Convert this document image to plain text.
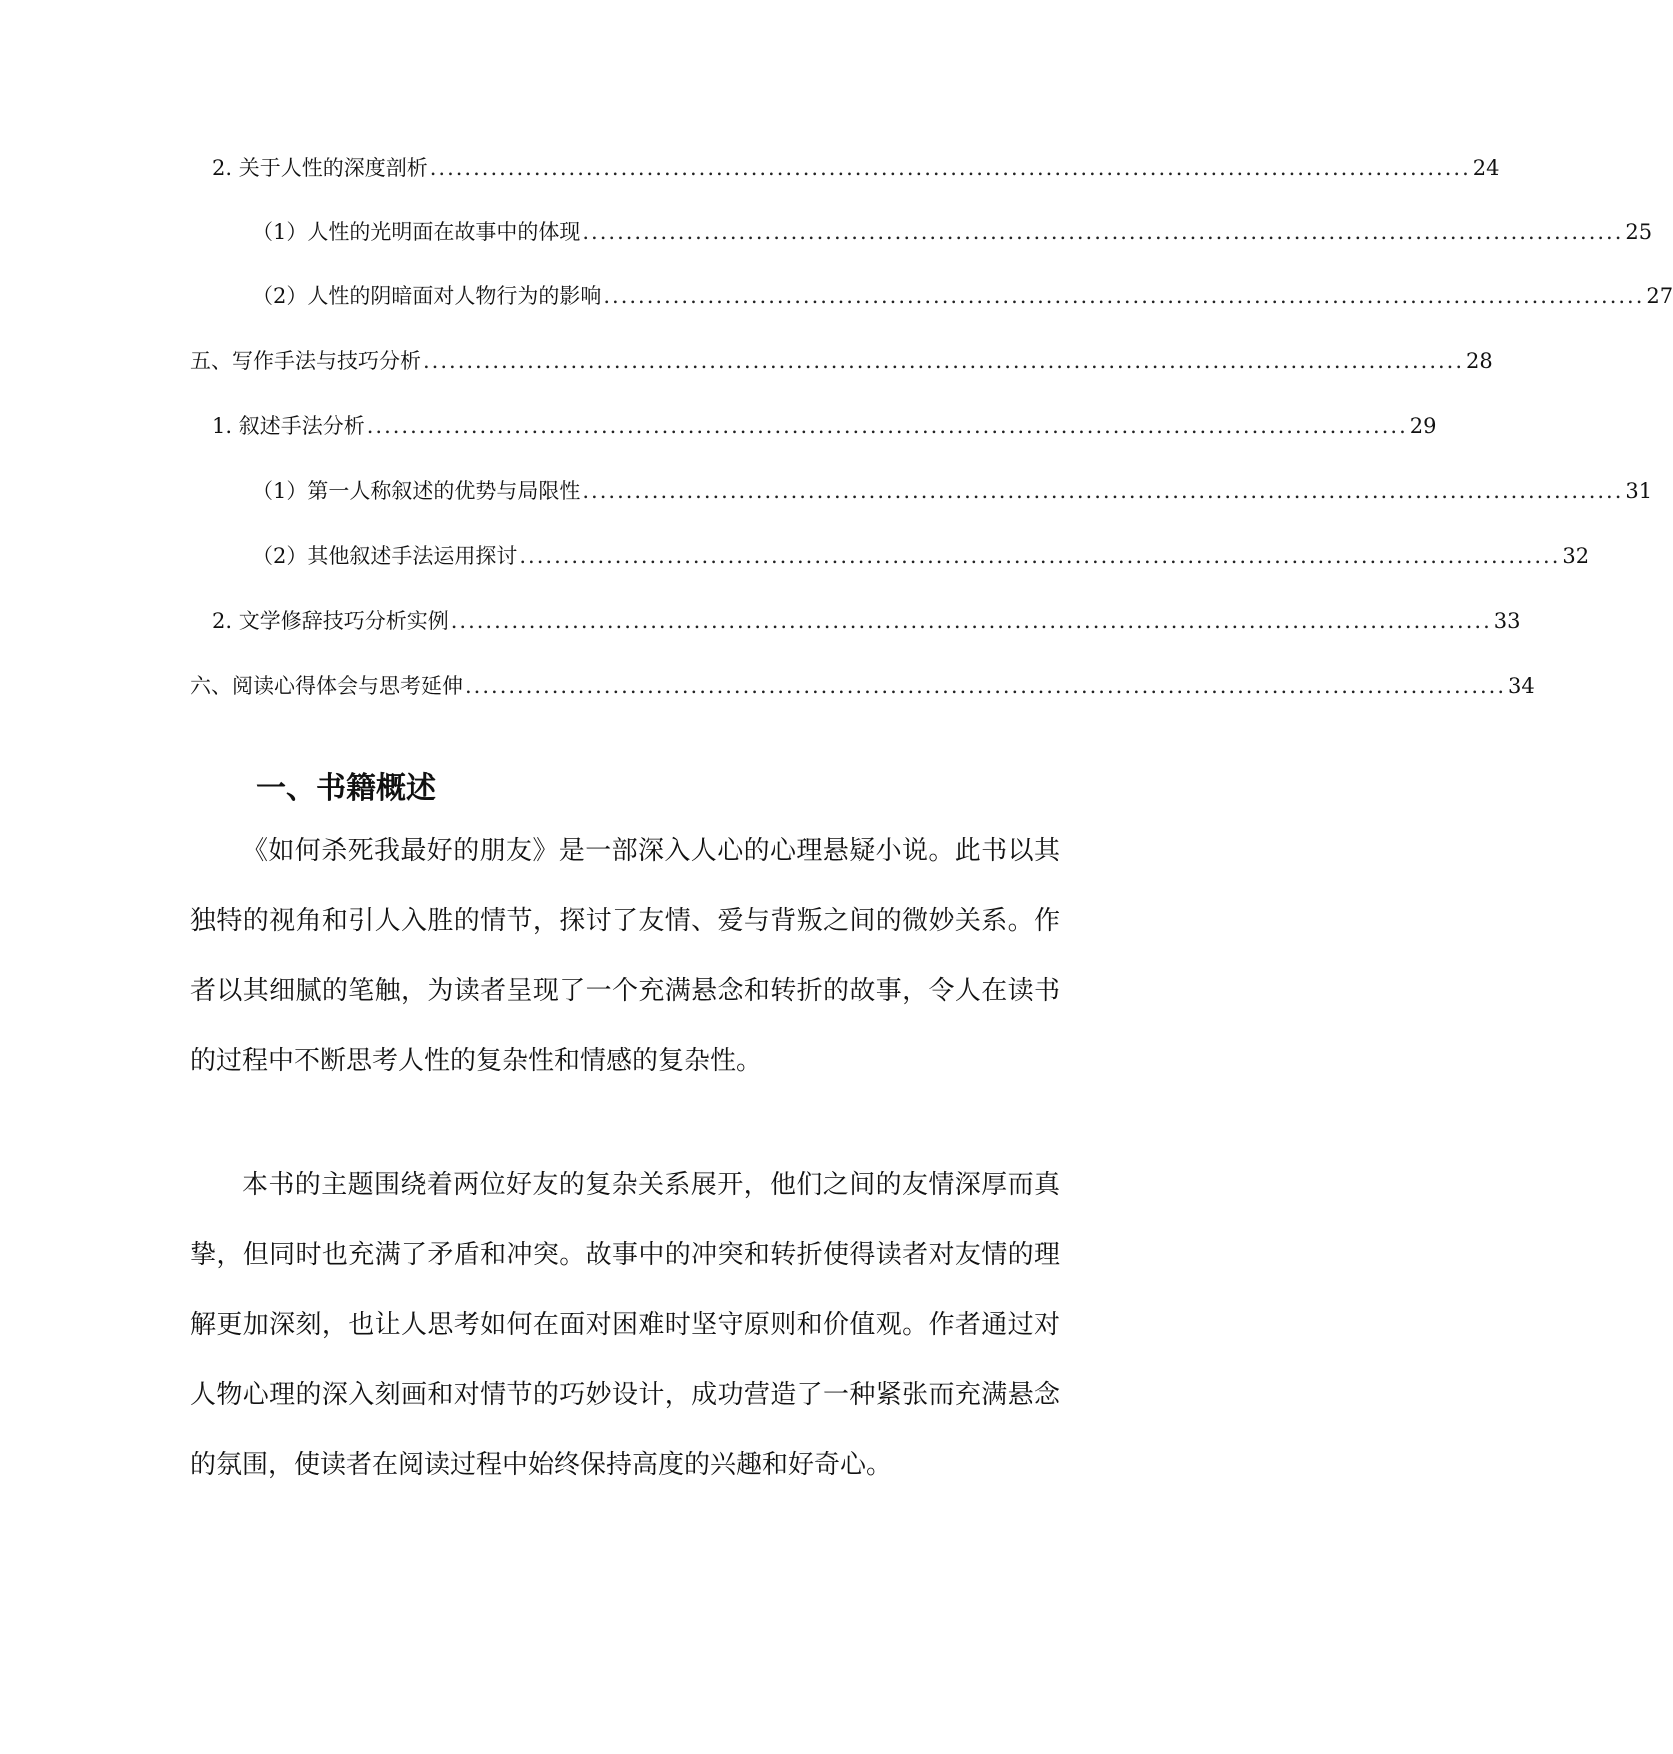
2. 关于人性的深度剖析 ........................................................................................................................ 24
（1）人性的光明面在故事中的体现 ........................................................................................................................ 25
（2）人性的阴暗面对人物行为的影响 ........................................................................................................................ 27
五、写作手法与技巧分析 ........................................................................................................................ 28
1. 叙述手法分析 ........................................................................................................................ 29
（1）第一人称叙述的优势与局限性 ........................................................................................................................ 31
（2）其他叙述手法运用探讨 ........................................................................................................................ 32
2. 文学修辞技巧分析实例 ........................................................................................................................ 33
六、阅读心得体会与思考延伸 ........................................................................................................................ 34
一、书籍概述

《如何杀死我最好的朋友》是一部深入人心的心理悬疑小说。此书以其独特的视角和引人入胜的情节，探讨了友情、爱与背叛之间的微妙关系。作者以其细腻的笔触，为读者呈现了一个充满悬念和转折的故事，令人在读书的过程中不断思考人性的复杂性和情感的复杂性。

本书的主题围绕着两位好友的复杂关系展开，他们之间的友情深厚而真挚，但同时也充满了矛盾和冲突。故事中的冲突和转折使得读者对友情的理解更加深刻，也让人思考如何在面对困难时坚守原则和价值观。作者通过对人物心理的深入刻画和对情节的巧妙设计，成功营造了一种紧张而充满悬念的氛围，使读者在阅读过程中始终保持高度的兴趣和好奇心。
